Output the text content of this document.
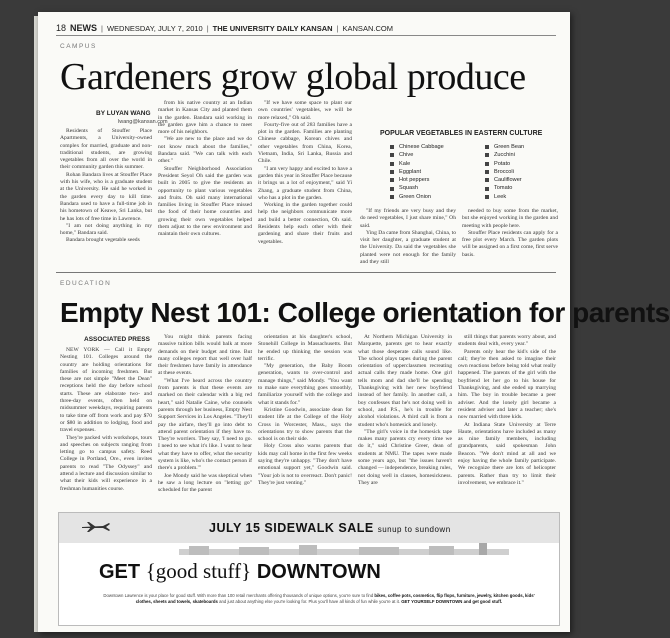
18 NEWS | WEDNESDAY, JULY 7, 2010 | THE UNIVERSITY DAILY KANSAN | KANSAN.COM
CAMPUS
Gardeners grow global produce
BY LUYAN WANG
lwang@kansan.com

Residents of Stouffer Place Apartments, a University-owned complex for married, graduate and non-traditional students, are growing vegetables from all over the world in their community garden this summer.

Rohan Bandara lives at Stouffer Place with his wife, who is a graduate student at the University. He said he worked in the garden every day to kill time. Bandara used to have a full-time job in his hometown of Keawe, Sri Lanka, but he has lots of free time in Lawrence.

"I am not doing anything in my home," Bandara said.

Bandara brought vegetable seeds

from his native country at an Indian market in Kansas City and planted them in the garden. Bandara said working in the garden gave him a chance to meet more of his neighbors.

"We are new to the place and we do not know much about the families," Bandara said. "We can talk with each other."

Stouffer Neighborhood Association President Seyol Oh said the garden was built in 2005 to give the residents an opportunity to plant various vegetables and fruits. Oh said many international families living in Stouffer Place missed the food of their home countries and growing their own vegetables helped them adjust to the new environment and maintain their own cultures.

"If we have some space to plant our own countries' vegetables, we will be more relaxed," Oh said.

Fourty-five out of 283 families have a plot in the garden. Families are planting Chinese cabbage, Korean chives and other vegetables from China, Korea, Vietnam, India, Sri Lanka, Russia and Chile.

"I am very happy and excited to have a garden this year in Stouffer Place because it brings us a lot of enjoyment," said Yi Zhang, a graduate student from China, who has a plot in the garden.

Working in the garden together could help the neighbors communicate more and build a better connection, Oh said. Residents help each other with their gardening and share their fruits and vegetables.

POPULAR VEGETABLES IN EASTERN CULTURE
Chinese Cabbage
Chive
Kale
Eggplant
Hot peppers
Squash
Green Onion
Green Bean
Zucchini
Potato
Broccoli
Cauliflower
Tomato
Leek

"If my friends are very busy and they do need vegetables, I just share mine," Oh said.

Ying Da came from Shanghai, China, to visit her daughter, a graduate student at the University. Da said the vegetables she planted were not enough for the family and they still

needed to buy some from the market, but she enjoyed working in the garden and meeting with people here.

Stouffer Place residents can apply for a free plot every March. The garden plots will be assigned on a first come, first serve basis.

EDUCATION
Empty Nest 101: College orientation for parents
ASSOCIATED PRESS

NEW YORK — Call it Empty Nesting 101. Colleges around the country are holding orientations for families of incoming freshmen. But these are not simple "Meet the Dean" receptions held the day before school starts. These are elaborate two- and three-day events, often held on midsummer weekdays, requiring parents to take time off from work and pay $70 or $80 in addition to lodging, food and travel expenses.

They're packed with workshops, tours and speeches on subjects ranging from letting go to campus safety. Reed College in Portland, Ore., even invites parents to read "The Odyssey" and attend a lecture and discussion similar to what their kids will experience in a freshman humanities course.

You might think parents facing massive tuition bills would balk at more demands on their budget and time. But many colleges report that well over half their freshmen have family in attendance at these events.

"What I've heard across the country from parents is that these events are marked on their calendar with a big red heart," said Natalie Caine, who counsels parents through her business, Empty Nest Support Services in Los Angeles. "They'll pay the airfare, they'll go into debt to attend parent orientation if they have to. They're worriers. They say, 'I need to go. I need to see what it's like. I want to hear what they have to offer, what the security system is like, who's the contact person if there's a problem.'"

Joe Mondy said he was skeptical when he saw a long lecture on "letting go" scheduled for the parent

orientation at his daughter's school, Stonehill College in Massachusetts. But he ended up thinking the session was terrific.

"My generation, the Baby Boom generation, wants to over-control and manage things," said Mondy. "You want to make sure everything goes smoothly, familiarize yourself with the college and what it stands for."

Kristine Goodwin, associate dean for student life at the College of the Holy Cross in Worcester, Mass., says the orientations try to show parents that the school is on their side.

Holy Cross also warns parents that kids may call home in the first few weeks saying they're unhappy. "They don't have emotional support yet," Goodwin said. "Your job is not to overreact. Don't panic! They're just venting."

At Northern Michigan University in Marquette, parents get to hear exactly what those desperate calls sound like. The school plays tapes during the parent orientation of upperclassmen recreating actual calls they made home. One girl tells mom and dad she'll be spending Thanksgiving with her new boyfriend instead of her family. In another call, a boy confesses that he's not doing well in school, and P.S., he's in trouble for alcohol violations. A third call is from a student who's homesick and lonely.

"The girl's voice in the homesick tape makes many parents cry every time we do it," said Christine Greer, dean of students at NMU. The tapes were made some years ago, but "the issues haven't changed — independence, breaking rules, not doing well in classes, homesickness. They are

still things that parents worry about, and students deal with, every year."

Parents only hear the kid's side of the call; they're then asked to imagine their own reactions before being told what really happened. The parents of the girl with the boyfriend let her go to his house for Thanksgiving, and she ended up marrying him. The boy in trouble became a peer adviser. And the lonely girl became a resident adviser and later a teacher; she's now married with three kids.

At Indiana State University at Terre Haute, orientations have included as many as nine family members, including grandparents, said spokesman John Beacon. "We don't mind at all and we enjoy having the whole family participate. We recognize there are lots of helicopter parents. Rather than try to limit their involvement, we embrace it."

JULY 15 SIDEWALK SALE sunup to sundown
GET {good stuff} DOWNTOWN
Downtown Lawrence is your place for good stuff. With more than 100 retail merchants offering thousands of unique options, you're sure to find bikes, coffee pots, cosmetics, flip flops, furniture, jewelry, kitchen goods, kids' clothes, sheets and towels, skateboards and just about anything else you're looking for. Plus you'll have all kinds of fun while you're at it. GET YOURSELF DOWNTOWN and get good stuff.
